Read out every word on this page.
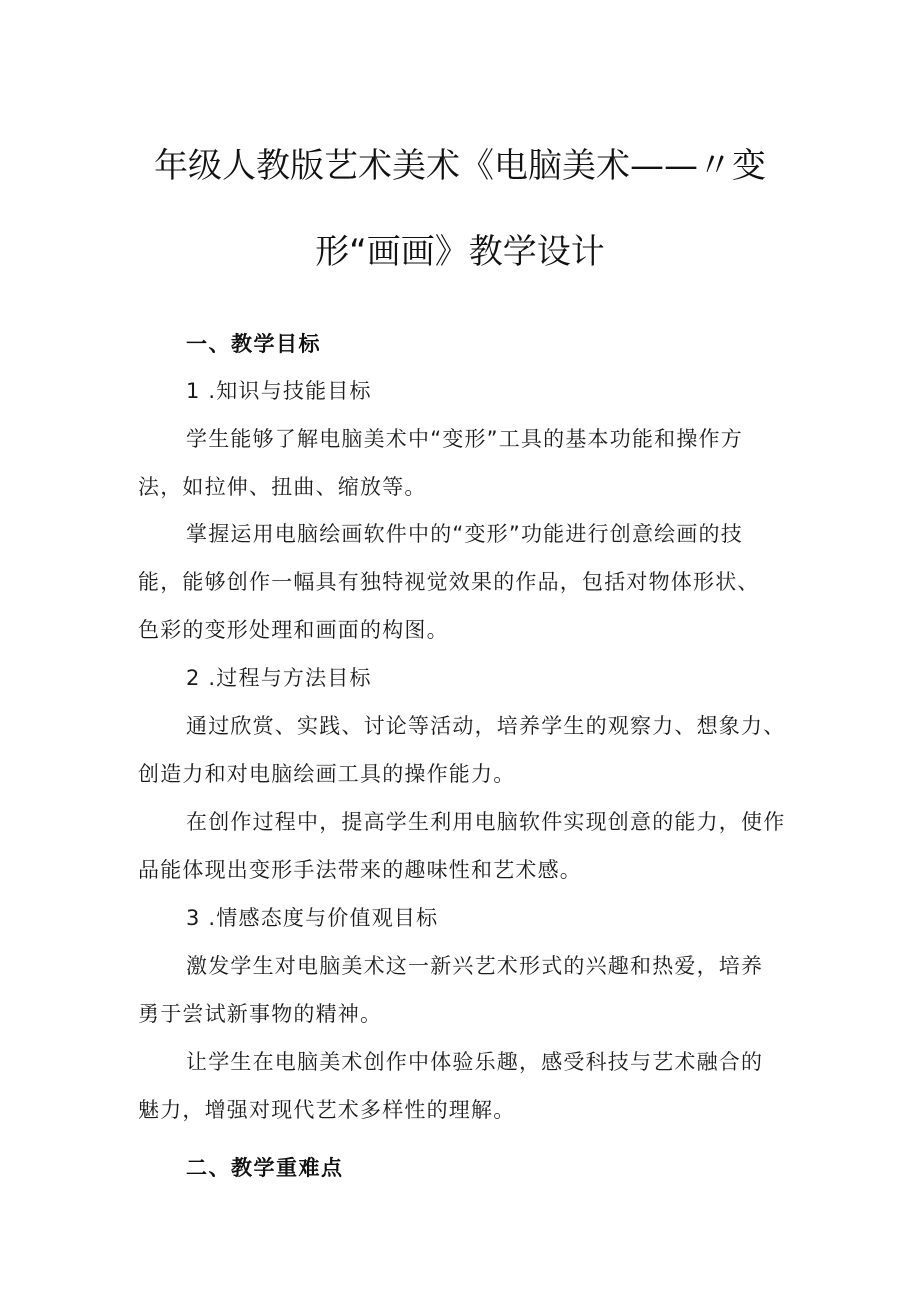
年级人教版艺术美术《电脑美术——〃变
形“画画》教学设计
一、教学目标
1 .知识与技能目标
学生能够了解电脑美术中“变形”工具的基本功能和操作方
法，如拉伸、扭曲、缩放等。
掌握运用电脑绘画软件中的“变形”功能进行创意绘画的技
能，能够创作一幅具有独特视觉效果的作品，包括对物体形状、
色彩的变形处理和画面的构图。
2 .过程与方法目标
通过欣赏、实践、讨论等活动，培养学生的观察力、想象力、
创造力和对电脑绘画工具的操作能力。
在创作过程中，提高学生利用电脑软件实现创意的能力，使作
品能体现出变形手法带来的趣味性和艺术感。
3 .情感态度与价值观目标
激发学生对电脑美术这一新兴艺术形式的兴趣和热爱，培养
勇于尝试新事物的精神。
让学生在电脑美术创作中体验乐趣，感受科技与艺术融合的
魅力，增强对现代艺术多样性的理解。
二、教学重难点
